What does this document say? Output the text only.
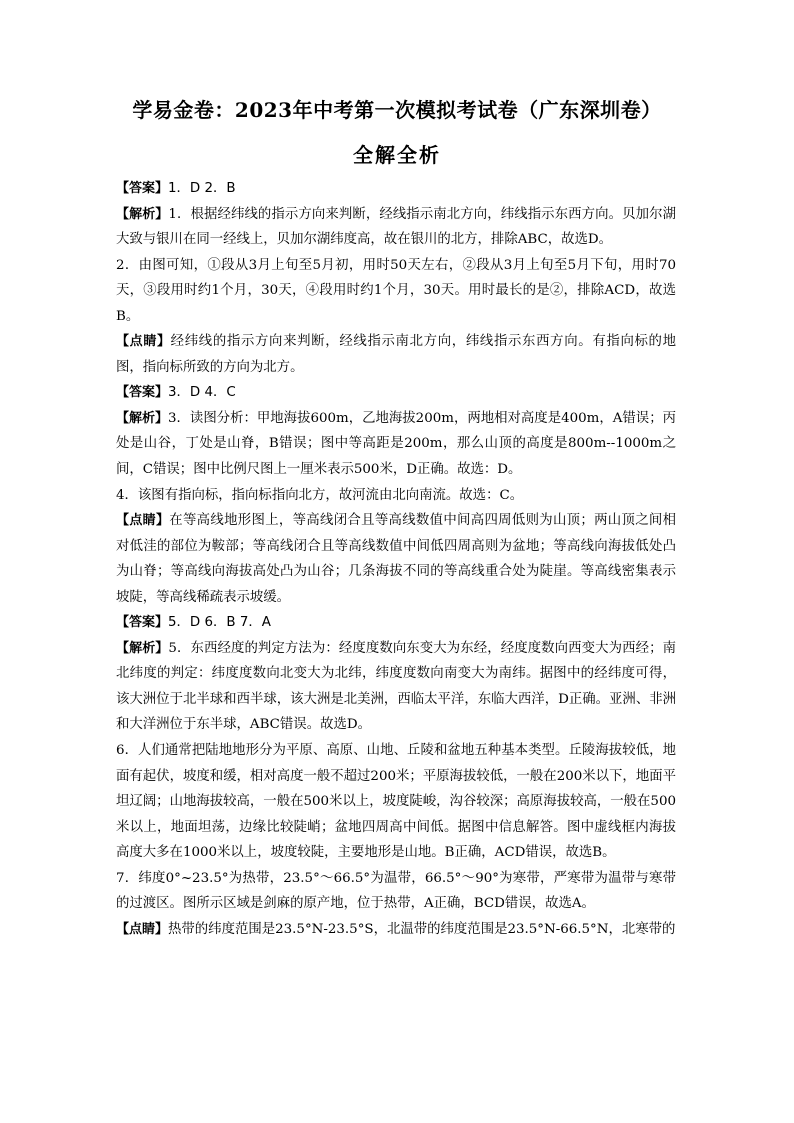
学易金卷：2023年中考第一次模拟考试卷（广东深圳卷）
全解全析

【答案】1．D 2．B

【解析】1．根据经纬线的指示方向来判断，经线指示南北方向，纬线指示东西方向。贝加尔湖大致与银川在同一经线上，贝加尔湖纬度高，故在银川的北方，排除ABC，故选D。

2．由图可知，①段从3月上旬至5月初，用时50天左右，②段从3月上旬至5月下旬，用时70天，③段用时约1个月，30天，④段用时约1个月，30天。用时最长的是②，排除ACD，故选B。

【点睛】经纬线的指示方向来判断，经线指示南北方向，纬线指示东西方向。有指向标的地图，指向标所致的方向为北方。

【答案】3．D 4．C

【解析】3．读图分析：甲地海拔600m，乙地海拔200m，两地相对高度是400m，A错误；丙处是山谷，丁处是山脊，B错误；图中等高距是200m，那么山顶的高度是800m--1000m之间，C错误；图中比例尺图上一厘米表示500米，D正确。故选：D。

4．该图有指向标，指向标指向北方，故河流由北向南流。故选：C。

【点睛】在等高线地形图上，等高线闭合且等高线数值中间高四周低则为山顶；两山顶之间相对低洼的部位为鞍部；等高线闭合且等高线数值中间低四周高则为盆地；等高线向海拔低处凸为山脊；等高线向海拔高处凸为山谷；几条海拔不同的等高线重合处为陡崖。等高线密集表示坡陡，等高线稀疏表示坡缓。

【答案】5．D 6．B 7．A

【解析】5．东西经度的判定方法为：经度度数向东变大为东经，经度度数向西变大为西经；南北纬度的判定：纬度度数向北变大为北纬，纬度度数向南变大为南纬。据图中的经纬度可得，该大洲位于北半球和西半球，该大洲是北美洲，西临太平洋，东临大西洋，D正确。亚洲、非洲和大洋洲位于东半球，ABC错误。故选D。

6．人们通常把陆地地形分为平原、高原、山地、丘陵和盆地五种基本类型。丘陵海拔较低，地面有起伏，坡度和缓，相对高度一般不超过200米；平原海拔较低，一般在200米以下，地面平坦辽阔；山地海拔较高，一般在500米以上，坡度陡峻，沟谷较深；高原海拔较高，一般在500米以上，地面坦荡，边缘比较陡峭；盆地四周高中间低。据图中信息解答。图中虚线框内海拔高度大多在1000米以上，坡度较陡，主要地形是山地。B正确，ACD错误，故选B。

7．纬度0°~23.5°为热带，23.5°～66.5°为温带，66.5°～90°为寒带，严寒带为温带与寒带的过渡区。图所示区域是剑麻的原产地，位于热带，A正确，BCD错误，故选A。

【点睛】热带的纬度范围是23.5°N-23.5°S，北温带的纬度范围是23.5°N-66.5°N，北寒带的
